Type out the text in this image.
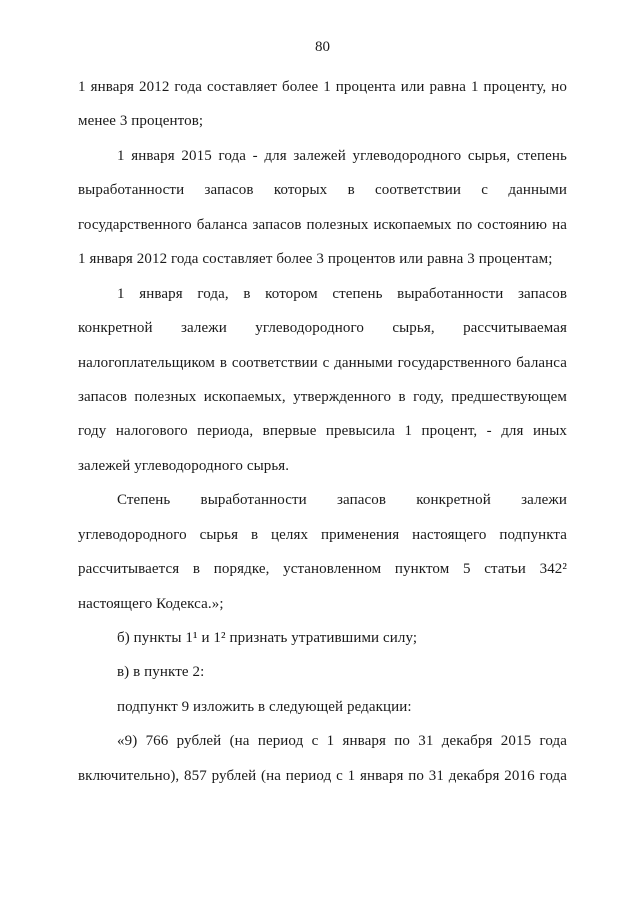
80
1 января 2012 года составляет более 1 процента или равна 1 проценту, но
менее 3 процентов;
1 января 2015 года - для залежей углеводородного сырья, степень
выработанности запасов которых в соответствии с данными
государственного баланса запасов полезных ископаемых по состоянию на
1 января 2012 года составляет более 3 процентов или равна 3 процентам;
1 января года, в котором степень выработанности запасов
конкретной залежи углеводородного сырья, рассчитываемая
налогоплательщиком в соответствии с данными государственного баланса
запасов полезных ископаемых, утвержденного в году, предшествующем
году налогового периода, впервые превысила 1 процент, - для иных
залежей углеводородного сырья.
Степень выработанности запасов конкретной залежи
углеводородного сырья в целях применения настоящего подпункта
рассчитывается в порядке, установленном пунктом 5 статьи 342²
настоящего Кодекса.»;
б) пункты 1¹ и 1² признать утратившими силу;
в) в пункте 2:
подпункт 9 изложить в следующей редакции:
«9) 766 рублей (на период с 1 января по 31 декабря 2015 года
включительно), 857 рублей (на период с 1 января по 31 декабря 2016 года
